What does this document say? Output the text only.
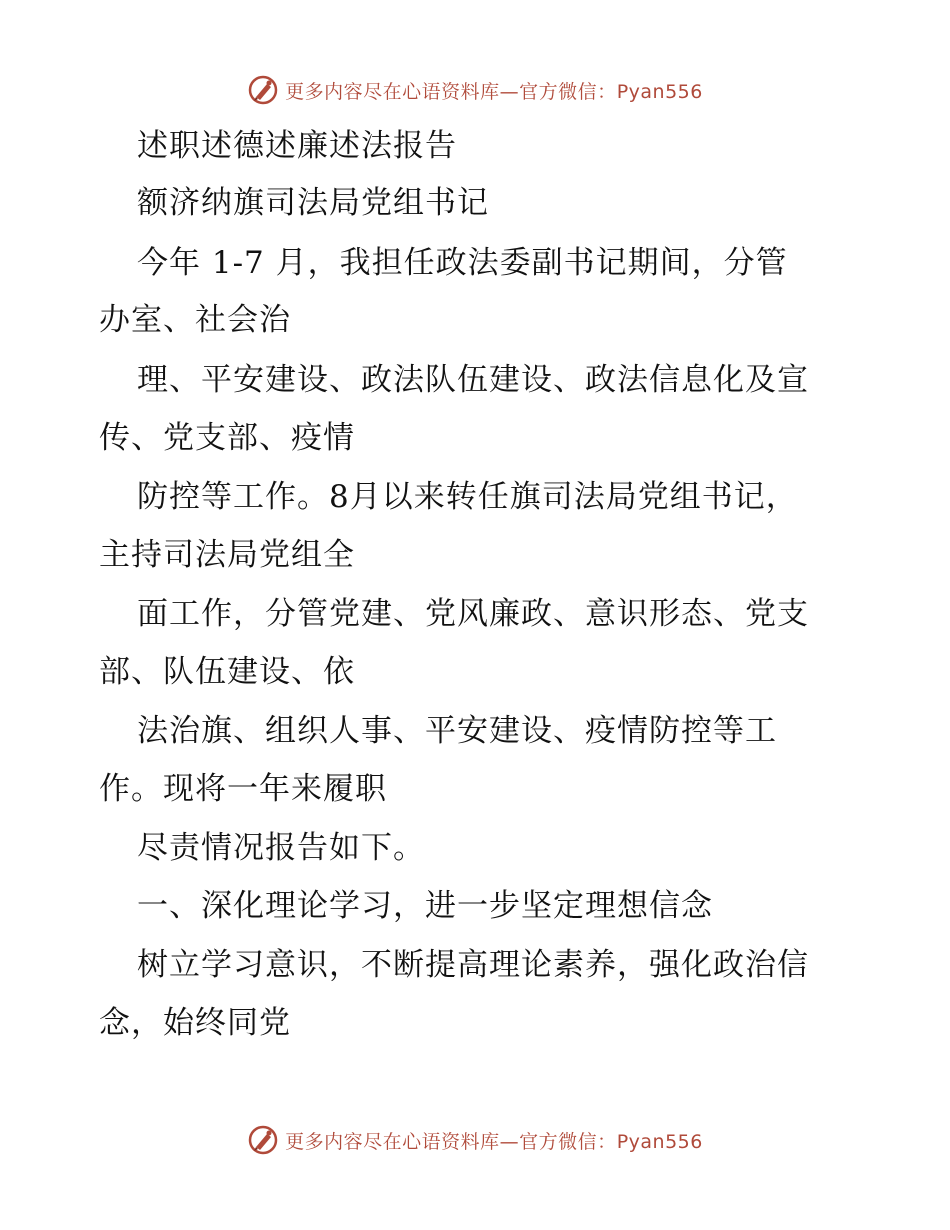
更多内容尽在心语资料库—官方微信：Pyan556
述职述德述廉述法报告
额济纳旗司法局党组书记
今年 1-7 月，我担任政法委副书记期间，分管
办室、社会治
理、平安建设、政法队伍建设、政法信息化及宣
传、党支部、疫情
防控等工作。8月以来转任旗司法局党组书记，
主持司法局党组全
面工作，分管党建、党风廉政、意识形态、党支
部、队伍建设、依
法治旗、组织人事、平安建设、疫情防控等工
作。现将一年来履职
尽责情况报告如下。
一、深化理论学习，进一步坚定理想信念
树立学习意识，不断提高理论素养，强化政治信
念，始终同党
更多内容尽在心语资料库—官方微信：Pyan556
